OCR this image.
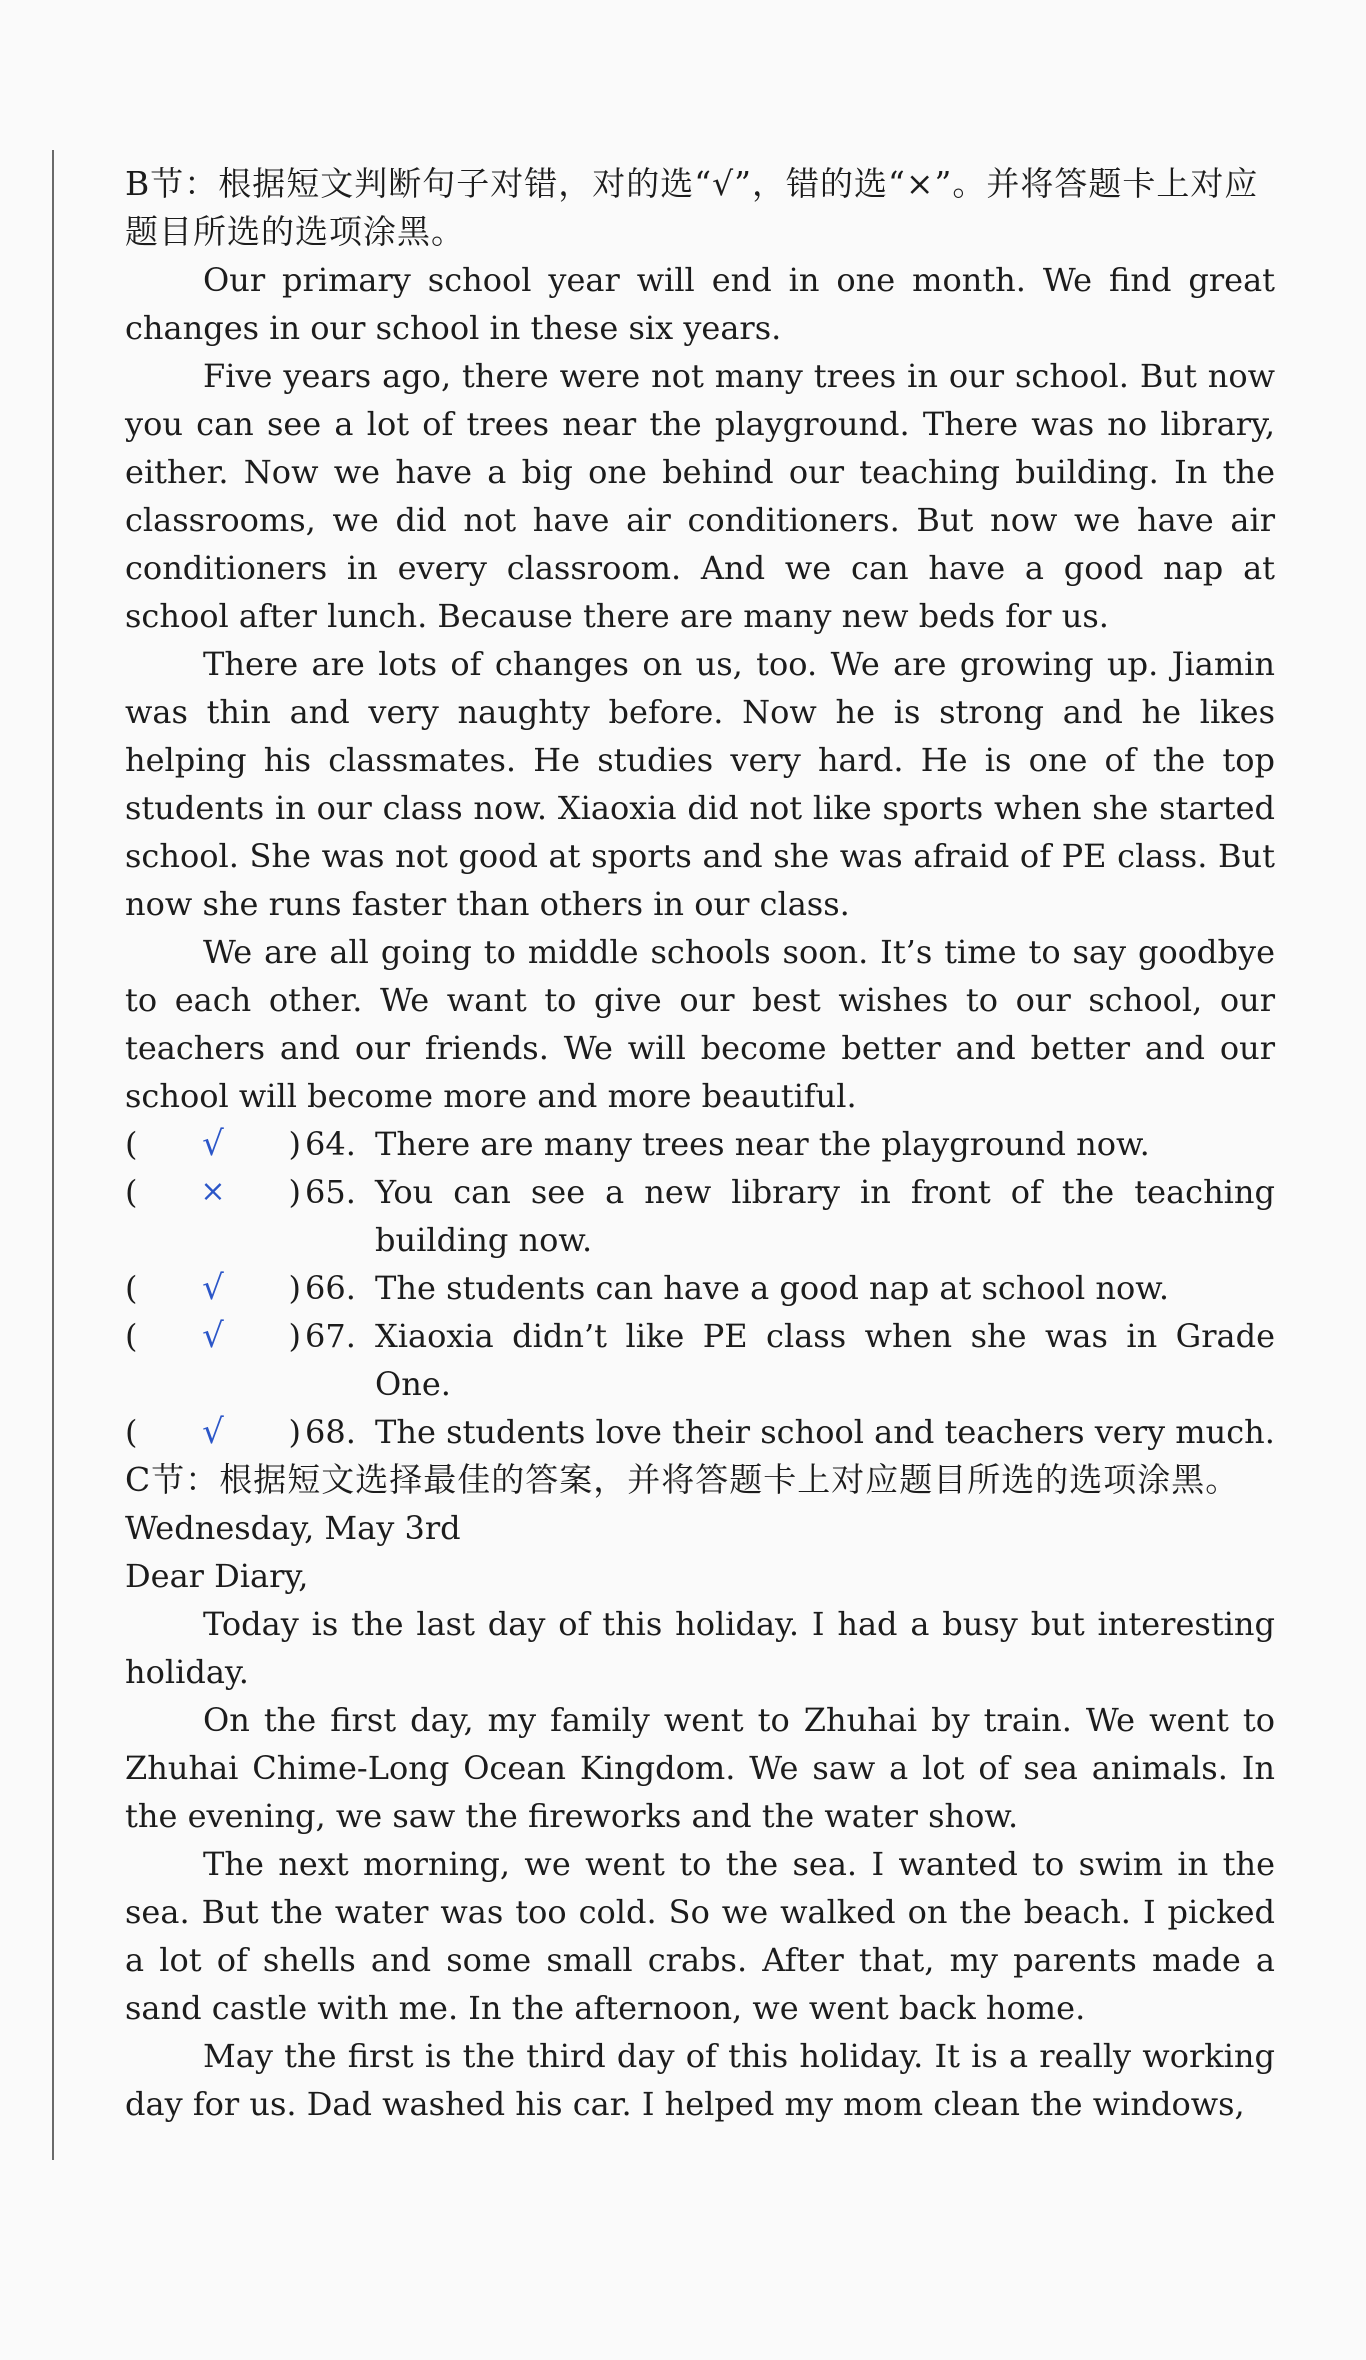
B节：根据短文判断句子对错，对的选“√”，错的选“×”。并将答题卡上对应题目所选的选项涂黑。

Our primary school year will end in one month. We find great changes in our school in these six years.

Five years ago, there were not many trees in our school. But now you can see a lot of trees near the playground. There was no library, either. Now we have a big one behind our teaching building. In the classrooms, we did not have air conditioners. But now we have air conditioners in every classroom. And we can have a good nap at school after lunch. Because there are many new beds for us.

There are lots of changes on us, too. We are growing up. Jiamin was thin and very naughty before. Now he is strong and he likes helping his classmates. He studies very hard. He is one of the top students in our class now. Xiaoxia did not like sports when she started school. She was not good at sports and she was afraid of PE class. But now she runs faster than others in our class.

We are all going to middle schools soon. It’s time to say goodbye to each other. We want to give our best wishes to our school, our teachers and our friends. We will become better and better and our school will become more and more beautiful.

(	√	) 64. There are many trees near the playground now.
(	×	) 65. You can see a new library in front of the teaching building now.
(	√	) 66. The students can have a good nap at school now.
(	√	) 67. Xiaoxia didn’t like PE class when she was in Grade One.
(	√	) 68. The students love their school and teachers very much.
C节：根据短文选择最佳的答案，并将答题卡上对应题目所选的选项涂黑。
Wednesday, May 3rd
Dear Diary,

Today is the last day of this holiday. I had a busy but interesting holiday.

On the first day, my family went to Zhuhai by train. We went to Zhuhai Chime-Long Ocean Kingdom. We saw a lot of sea animals. In the evening, we saw the fireworks and the water show.

The next morning, we went to the sea. I wanted to swim in the sea. But the water was too cold. So we walked on the beach. I picked a lot of shells and some small crabs. After that, my parents made a sand castle with me. In the afternoon, we went back home.

May the first is the third day of this holiday. It is a really working day for us. Dad washed his car. I helped my mom clean the windows,
